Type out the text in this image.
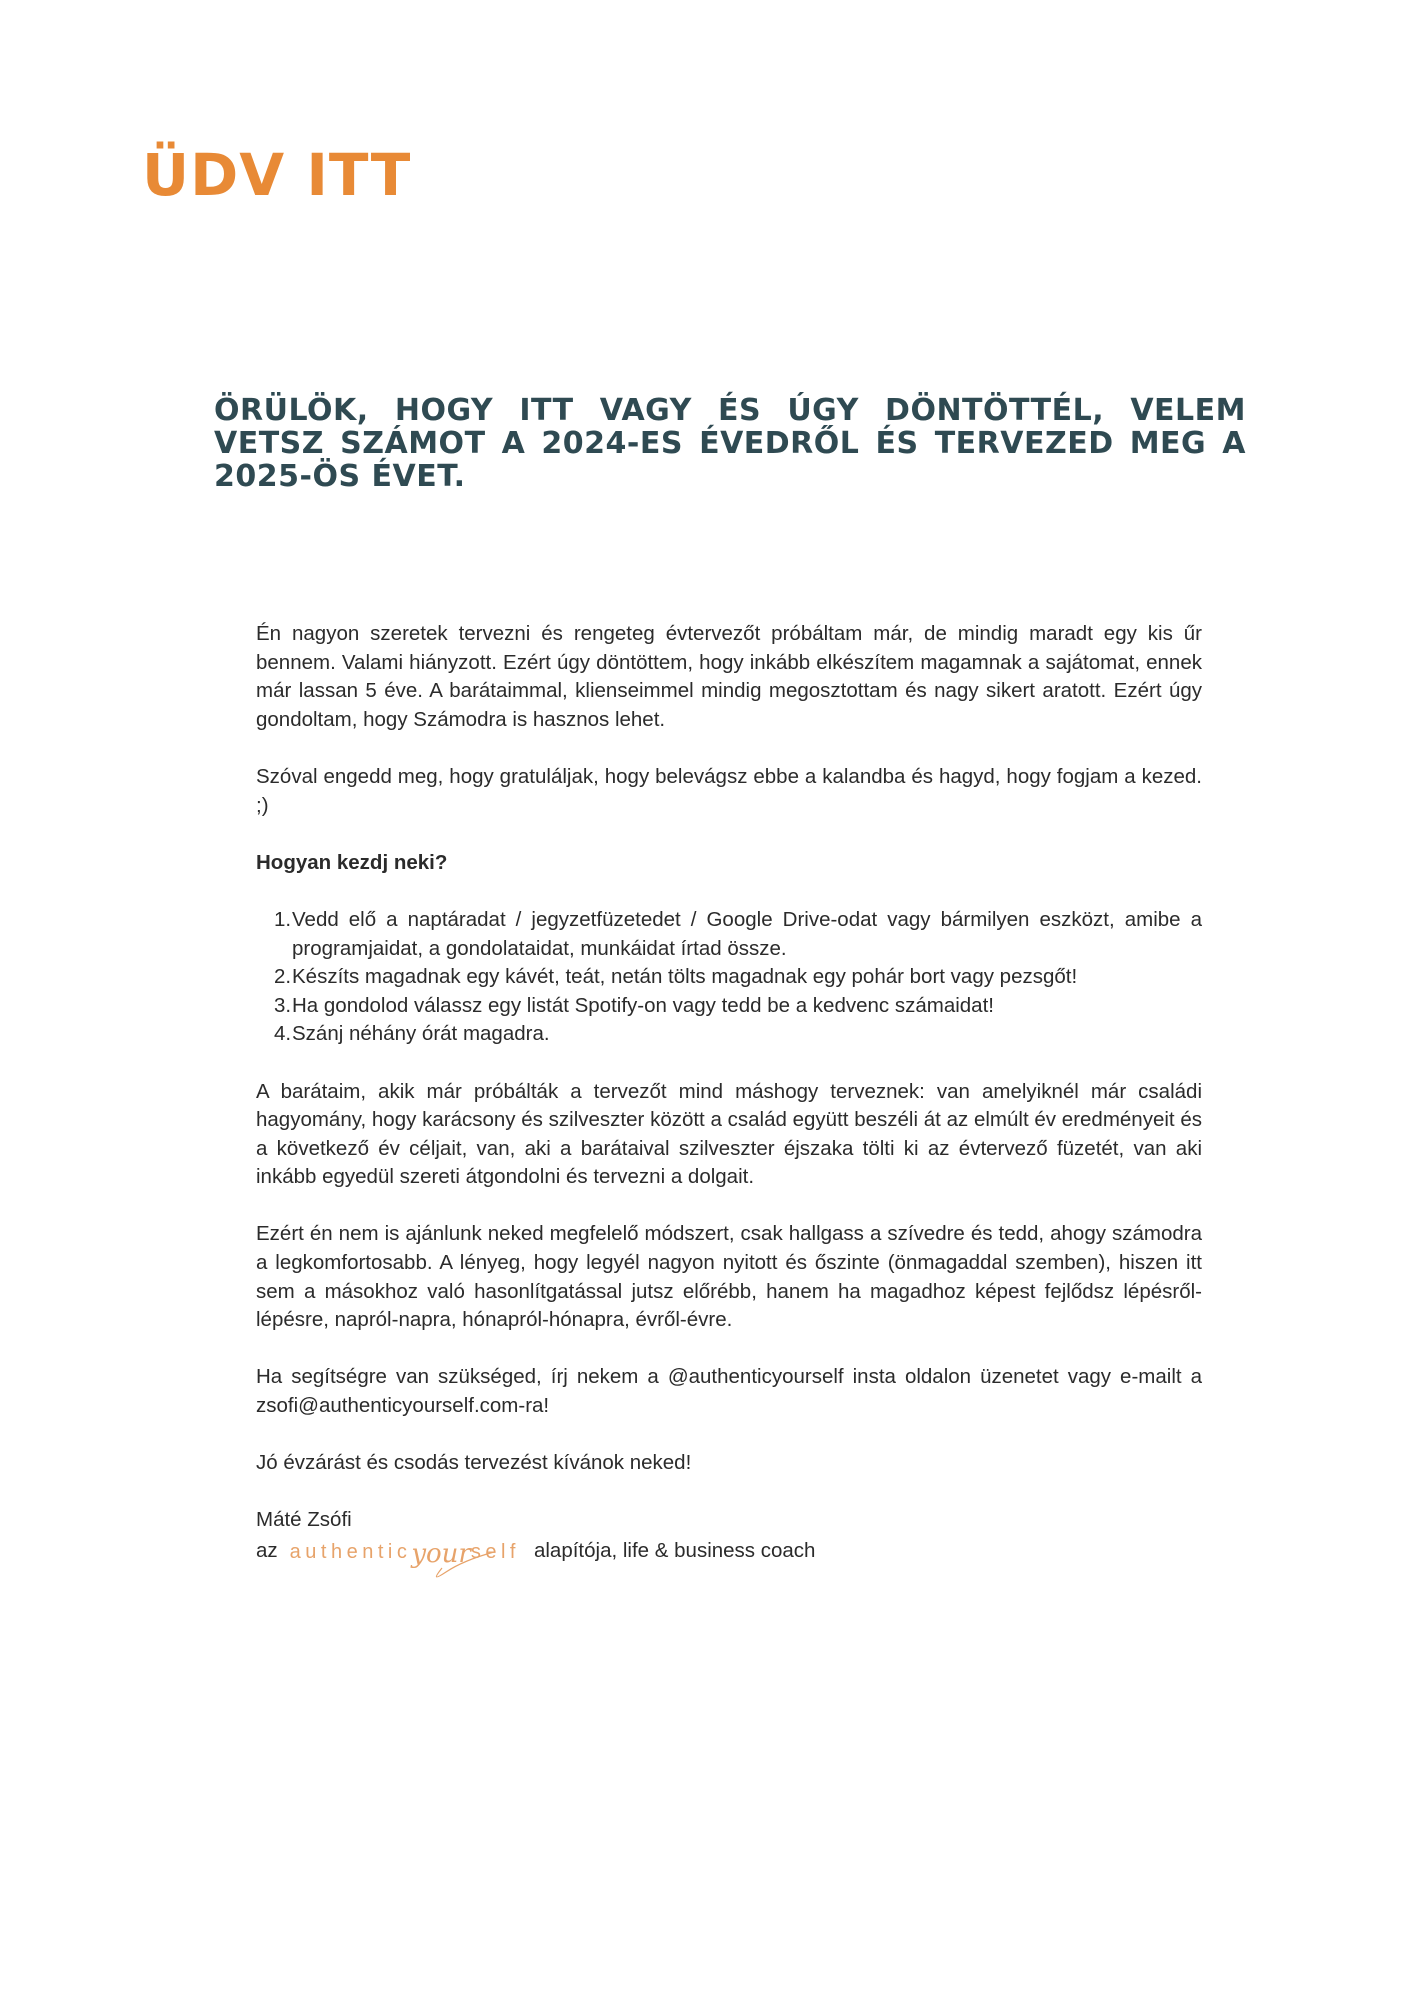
ÜDV ITT
ÖRÜLÖK, HOGY ITT VAGY ÉS ÚGY DÖNTÖTTÉL, VELEM VETSZ SZÁMOT A 2024-ES ÉVEDRŐL ÉS TERVEZED MEG A 2025-ÖS ÉVET.

Én nagyon szeretek tervezni és rengeteg évtervezőt próbáltam már, de mindig maradt egy kis űr bennem. Valami hiányzott. Ezért úgy döntöttem, hogy inkább elkészítem magamnak a sajátomat, ennek már lassan 5 éve. A barátaimmal, klienseimmel mindig megosztottam és nagy sikert aratott. Ezért úgy gondoltam, hogy Számodra is hasznos lehet.

Szóval engedd meg, hogy gratuláljak, hogy belevágsz ebbe a kalandba és hagyd, hogy fogjam a kezed. ;)

Hogyan kezdj neki?

1. Vedd elő a naptáradat / jegyzetfüzetedet / Google Drive-odat vagy bármilyen eszközt, amibe a programjaidat, a gondolataidat, munkáidat írtad össze.
2. Készíts magadnak egy kávét, teát, netán tölts magadnak egy pohár bort vagy pezsgőt!
3. Ha gondolod válassz egy listát Spotify-on vagy tedd be a kedvenc számaidat!
4. Szánj néhány órát magadra.

A barátaim, akik már próbálták a tervezőt mind máshogy terveznek: van amelyiknél már családi hagyomány, hogy karácsony és szilveszter között a család együtt beszéli át az elmúlt év eredményeit és a következő év céljait, van, aki a barátaival szilveszter éjszaka tölti ki az évtervező füzetét, van aki inkább egyedül szereti átgondolni és tervezni a dolgait.

Ezért én nem is ajánlunk neked megfelelő módszert, csak hallgass a szívedre és tedd, ahogy számodra a legkomfortosabb. A lényeg, hogy legyél nagyon nyitott és őszinte (önmagaddal szemben), hiszen itt sem a másokhoz való hasonlítgatással jutsz előrébb, hanem ha magadhoz képest fejlődsz lépésről-lépésre, napról-napra, hónapról-hónapra, évről-évre.

Ha segítségre van szükséged, írj nekem a @authenticyourself insta oldalon üzenetet vagy e-mailt a zsofi@authenticyourself.com-ra!

Jó évzárást és csodás tervezést kívánok neked!

Máté Zsófi

az authenticyourself alapítója, life & business coach
